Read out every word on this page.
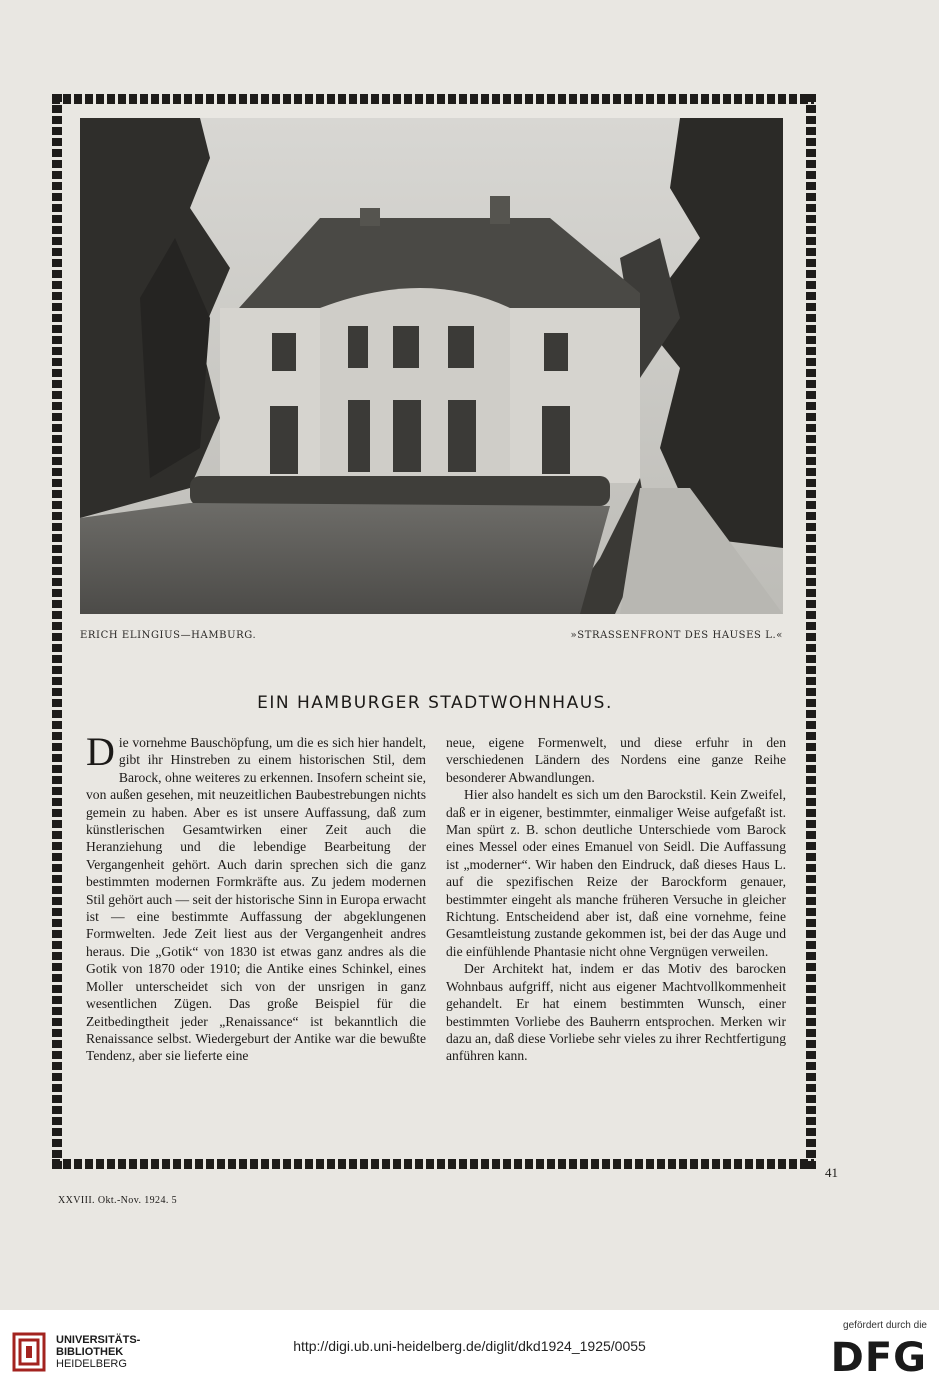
ERICH ELINGIUS—HAMBURG.	»STRASSENFRONT DES HAUSES L.«
EIN HAMBURGER STADTWOHNHAUS.

Die vornehme Bauschöpfung, um die es sich hier handelt, gibt ihr Hinstreben zu einem historischen Stil, dem Barock, ohne weiteres zu erkennen. Insofern scheint sie, von außen gesehen, mit neuzeitlichen Baubestrebungen nichts gemein zu haben. Aber es ist unsere Auffassung, daß zum künstlerischen Gesamtwirken einer Zeit auch die Heranziehung und die lebendige Bearbeitung der Vergangenheit gehört. Auch darin sprechen sich die ganz bestimmten modernen Formkräfte aus. Zu jedem modernen Stil gehört auch — seit der historische Sinn in Europa erwacht ist — eine bestimmte Auffassung der abgeklungenen Formwelten. Jede Zeit liest aus der Vergangenheit andres heraus. Die „Gotik“ von 1830 ist etwas ganz andres als die Gotik von 1870 oder 1910; die Antike eines Schinkel, eines Moller unterscheidet sich von der unsrigen in ganz wesentlichen Zügen. Das große Beispiel für die Zeitbedingtheit jeder „Renaissance“ ist bekanntlich die Renaissance selbst. Wiedergeburt der Antike war die bewußte Tendenz, aber sie lieferte eine

neue, eigene Formenwelt, und diese erfuhr in den verschiedenen Ländern des Nordens eine ganze Reihe besonderer Abwandlungen.

Hier also handelt es sich um den Barockstil. Kein Zweifel, daß er in eigener, bestimmter, einmaliger Weise aufgefaßt ist. Man spürt z. B. schon deutliche Unterschiede vom Barock eines Messel oder eines Emanuel von Seidl. Die Auffassung ist „moderner“. Wir haben den Eindruck, daß dieses Haus L. auf die spezifischen Reize der Barockform genauer, bestimmter eingeht als manche früheren Versuche in gleicher Richtung. Entscheidend aber ist, daß eine vornehme, feine Gesamtleistung zustande gekommen ist, bei der das Auge und die einfühlende Phantasie nicht ohne Vergnügen verweilen.

Der Architekt hat, indem er das Motiv des barocken Wohnbaus aufgriff, nicht aus eigener Machtvollkommenheit gehandelt. Er hat einem bestimmten Wunsch, einer bestimmten Vorliebe des Bauherrn entsprochen. Merken wir dazu an, daß diese Vorliebe sehr vieles zu ihrer Rechtfertigung anführen kann.

41
XXVIII. Okt.-Nov. 1924. 5
UNIVERSITÄTS-
BIBLIOTHEK
HEIDELBERG
http://digi.ub.uni-heidelberg.de/diglit/dkd1924_1925/0055
gefördert durch die
DFG
